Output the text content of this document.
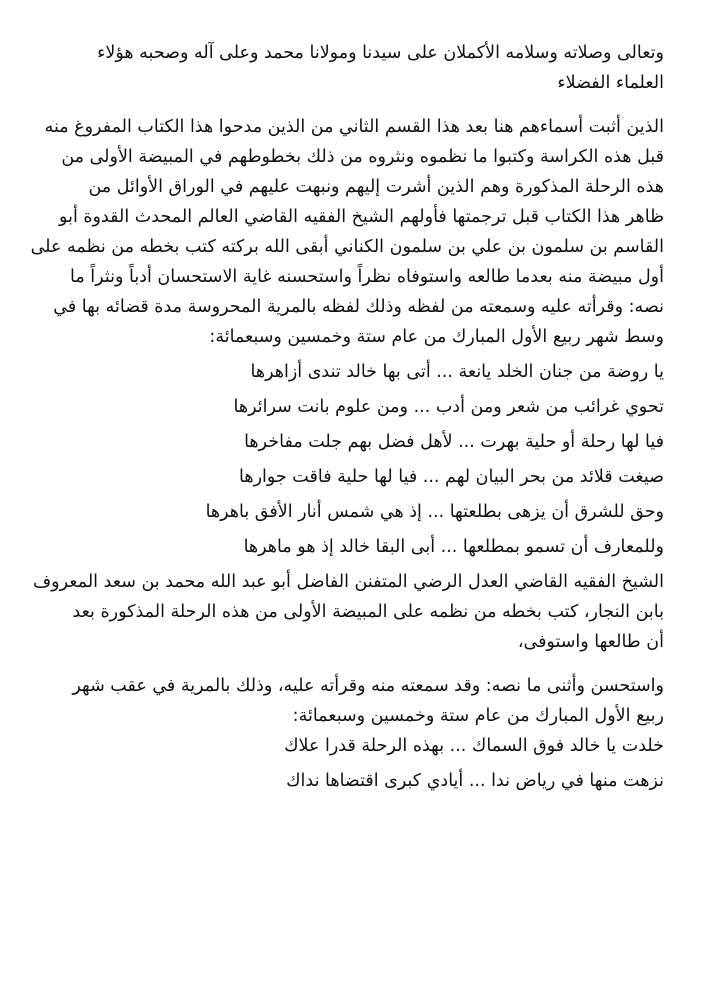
وتعالى وصلاته وسلامه الأكملان على سيدنا ومولانا محمد وعلى آله وصحبه هؤلاء
العلماء الفضلاء

الذين أثبت أسماءهم هنا بعد هذا القسم الثاني من الذين مدحوا هذا الكتاب المفروغ منه
قبل هذه الكراسة وكتبوا ما نظموه ونثروه من ذلك بخطوطهم في المبيضة الأولى من
هذه الرحلة المذكورة وهم الذين أشرت إليهم ونبهت عليهم في الوراق الأوائل من
ظاهر هذا الكتاب قبل ترجمتها فأولهم الشيخ الفقيه القاضي العالم المحدث القدوة أبو
القاسم بن سلمون بن علي بن سلمون الكناني أبقى الله بركته كتب بخطه من نظمه على
أول مبيضة منه بعدما طالعه واستوفاه نظراً واستحسنه غاية الاستحسان أدباً ونثراً ما
نصه: وقرأته عليه وسمعته من لفظه وذلك لفظه بالمرية المحروسة مدة قضائه بها في
وسط شهر ربيع الأول المبارك من عام ستة وخمسين وسبعمائة:

يا روضة من جنان الخلد يانعة ... أتى بها خالد تندى أزاهرها
تحوي غرائب من شعر ومن أدب ... ومن علوم بانت سرائرها
فيا لها رحلة أو حلية بهرت ... لأهل فضل بهم جلت مفاخرها
صيغت قلائد من بحر البيان لهم ... فيا لها حلية فاقت جوارها
وحق للشرق أن يزهى بطلعتها ... إذ هي شمس أنار الأفق باهرها
وللمعارف أن تسمو بمطلعها ... أبى البقا خالد إذ هو ماهرها

الشيخ الفقيه القاضي العدل الرضي المتفنن الفاضل أبو عبد الله محمد بن سعد المعروف
بابن النجار، كتب بخطه من نظمه على المبيضة الأولى من هذه الرحلة المذكورة بعد
أن طالعها واستوفى،

واستحسن وأثنى ما نصه: وقد سمعته منه وقرأته عليه، وذلك بالمرية في عقب شهر
ربيع الأول المبارك من عام ستة وخمسين وسبعمائة:

خلدت يا خالد فوق السماك ... بهذه الرحلة قدرا علاك
نزهت منها في رياض ندا ... أيادي كبرى اقتضاها نداك
